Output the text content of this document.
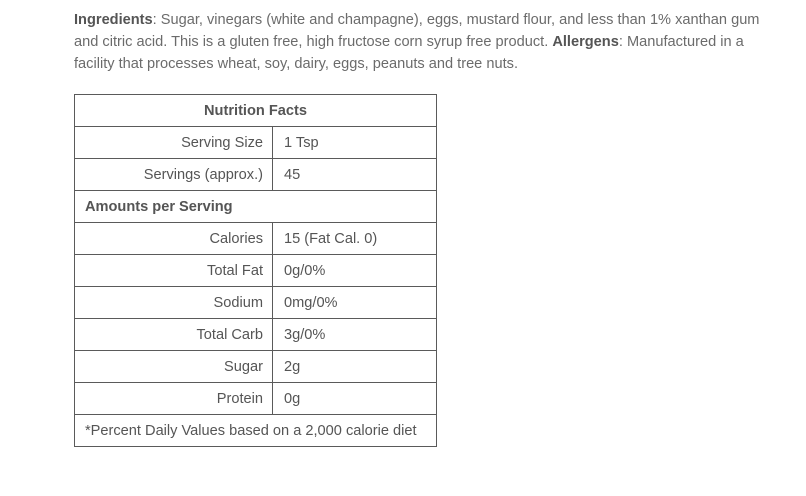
Ingredients: Sugar, vinegars (white and champagne), eggs, mustard flour, and less than 1% xanthan gum and citric acid. This is a gluten free, high fructose corn syrup free product. Allergens: Manufactured in a facility that processes wheat, soy, dairy, eggs, peanuts and tree nuts.

Nutrition Facts	
Serving Size	1 Tsp
Servings (approx.)	45
Amounts per Serving	
Calories	15 (Fat Cal. 0)
Total Fat	0g/0%
Sodium	0mg/0%
Total Carb	3g/0%
Sugar	2g
Protein	0g
*Percent Daily Values based on a 2,000 calorie diet	
